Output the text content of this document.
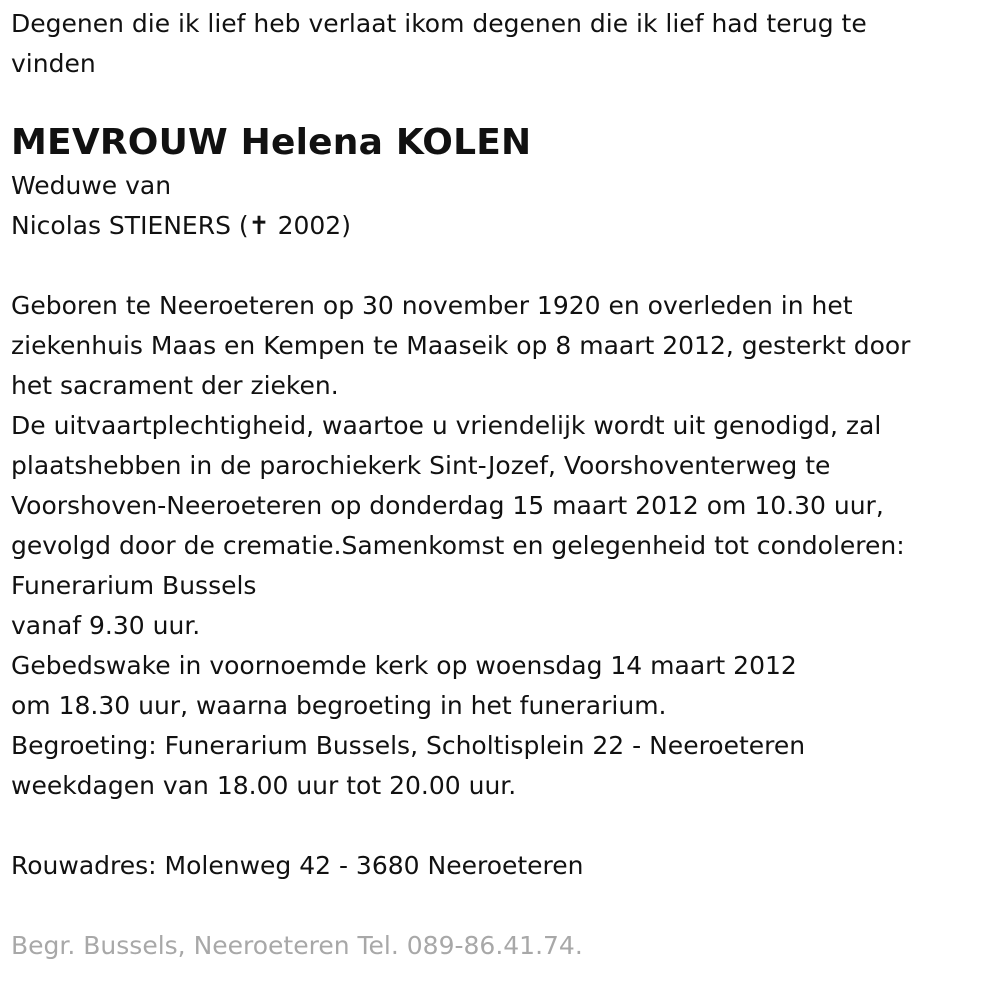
Degenen die ik lief heb verlaat ikom degenen die ik lief had terug te

vinden

MEVROUW Helena KOLEN

Weduwe van

Nicolas STIENERS (✝ 2002)

Geboren te Neeroeteren op 30 november 1920 en overleden in het

ziekenhuis Maas en Kempen te Maaseik op 8 maart 2012, gesterkt door

het sacrament der zieken.

De uitvaartplechtigheid, waartoe u vriendelijk wordt uit genodigd, zal

plaatshebben in de parochiekerk Sint-Jozef, Voorshoventerweg te

Voorshoven-Neeroeteren op donderdag 15 maart 2012 om 10.30 uur,

gevolgd door de crematie.Samenkomst en gelegenheid tot condoleren:

Funerarium Bussels

vanaf 9.30 uur.

Gebedswake in voornoemde kerk op woensdag 14 maart 2012

om 18.30 uur, waarna begroeting in het funerarium.

Begroeting: Funerarium Bussels, Scholtisplein 22 - Neeroeteren

weekdagen van 18.00 uur tot 20.00 uur.

Rouwadres: Molenweg 42 - 3680 Neeroeteren

Begr. Bussels, Neeroeteren Tel. 089-86.41.74.
